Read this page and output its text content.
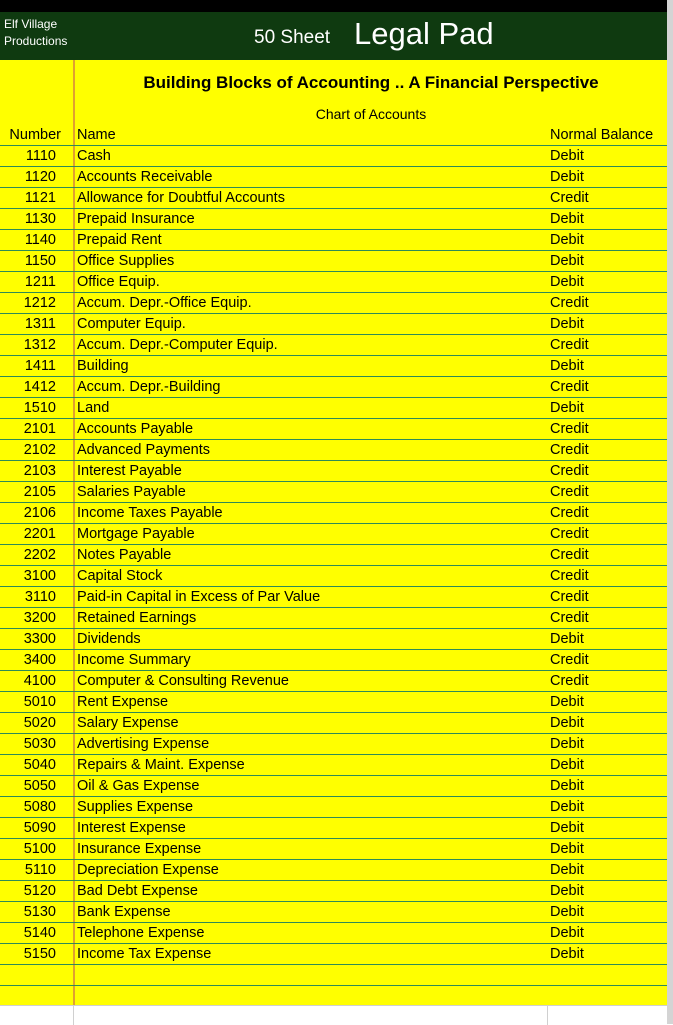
Elf Village
Productions	50 Sheet Legal Pad
Building Blocks of Accounting .. A Financial Perspective
Chart of Accounts
Number Name	Normal Balance
1110 Cash	Debit
1120 Accounts Receivable	Debit
1121 Allowance for Doubtful Accounts	Credit
1130 Prepaid Insurance	Debit
1140 Prepaid Rent	Debit
1150 Office Supplies	Debit
1211 Office Equip.	Debit
1212 Accum. Depr.-Office Equip.	Credit
1311 Computer Equip.	Debit
1312 Accum. Depr.-Computer Equip.	Credit
1411 Building	Debit
1412 Accum. Depr.-Building	Credit
1510 Land	Debit
2101 Accounts Payable	Credit
2102 Advanced Payments	Credit
2103 Interest Payable	Credit
2105 Salaries Payable	Credit
2106 Income Taxes Payable	Credit
2201 Mortgage Payable	Credit
2202 Notes Payable	Credit
3100 Capital Stock	Credit
3110 Paid-in Capital in Excess of Par Value	Credit
3200 Retained Earnings	Credit
3300 Dividends	Debit
3400 Income Summary	Credit
4100 Computer & Consulting Revenue	Credit
5010 Rent Expense	Debit
5020 Salary Expense	Debit
5030 Advertising Expense	Debit
5040 Repairs & Maint. Expense	Debit
5050 Oil & Gas Expense	Debit
5080 Supplies Expense	Debit
5090 Interest Expense	Debit
5100 Insurance Expense	Debit
5110 Depreciation Expense	Debit
5120 Bad Debt Expense	Debit
5130 Bank Expense	Debit
5140 Telephone Expense	Debit
5150 Income Tax Expense	Debit
